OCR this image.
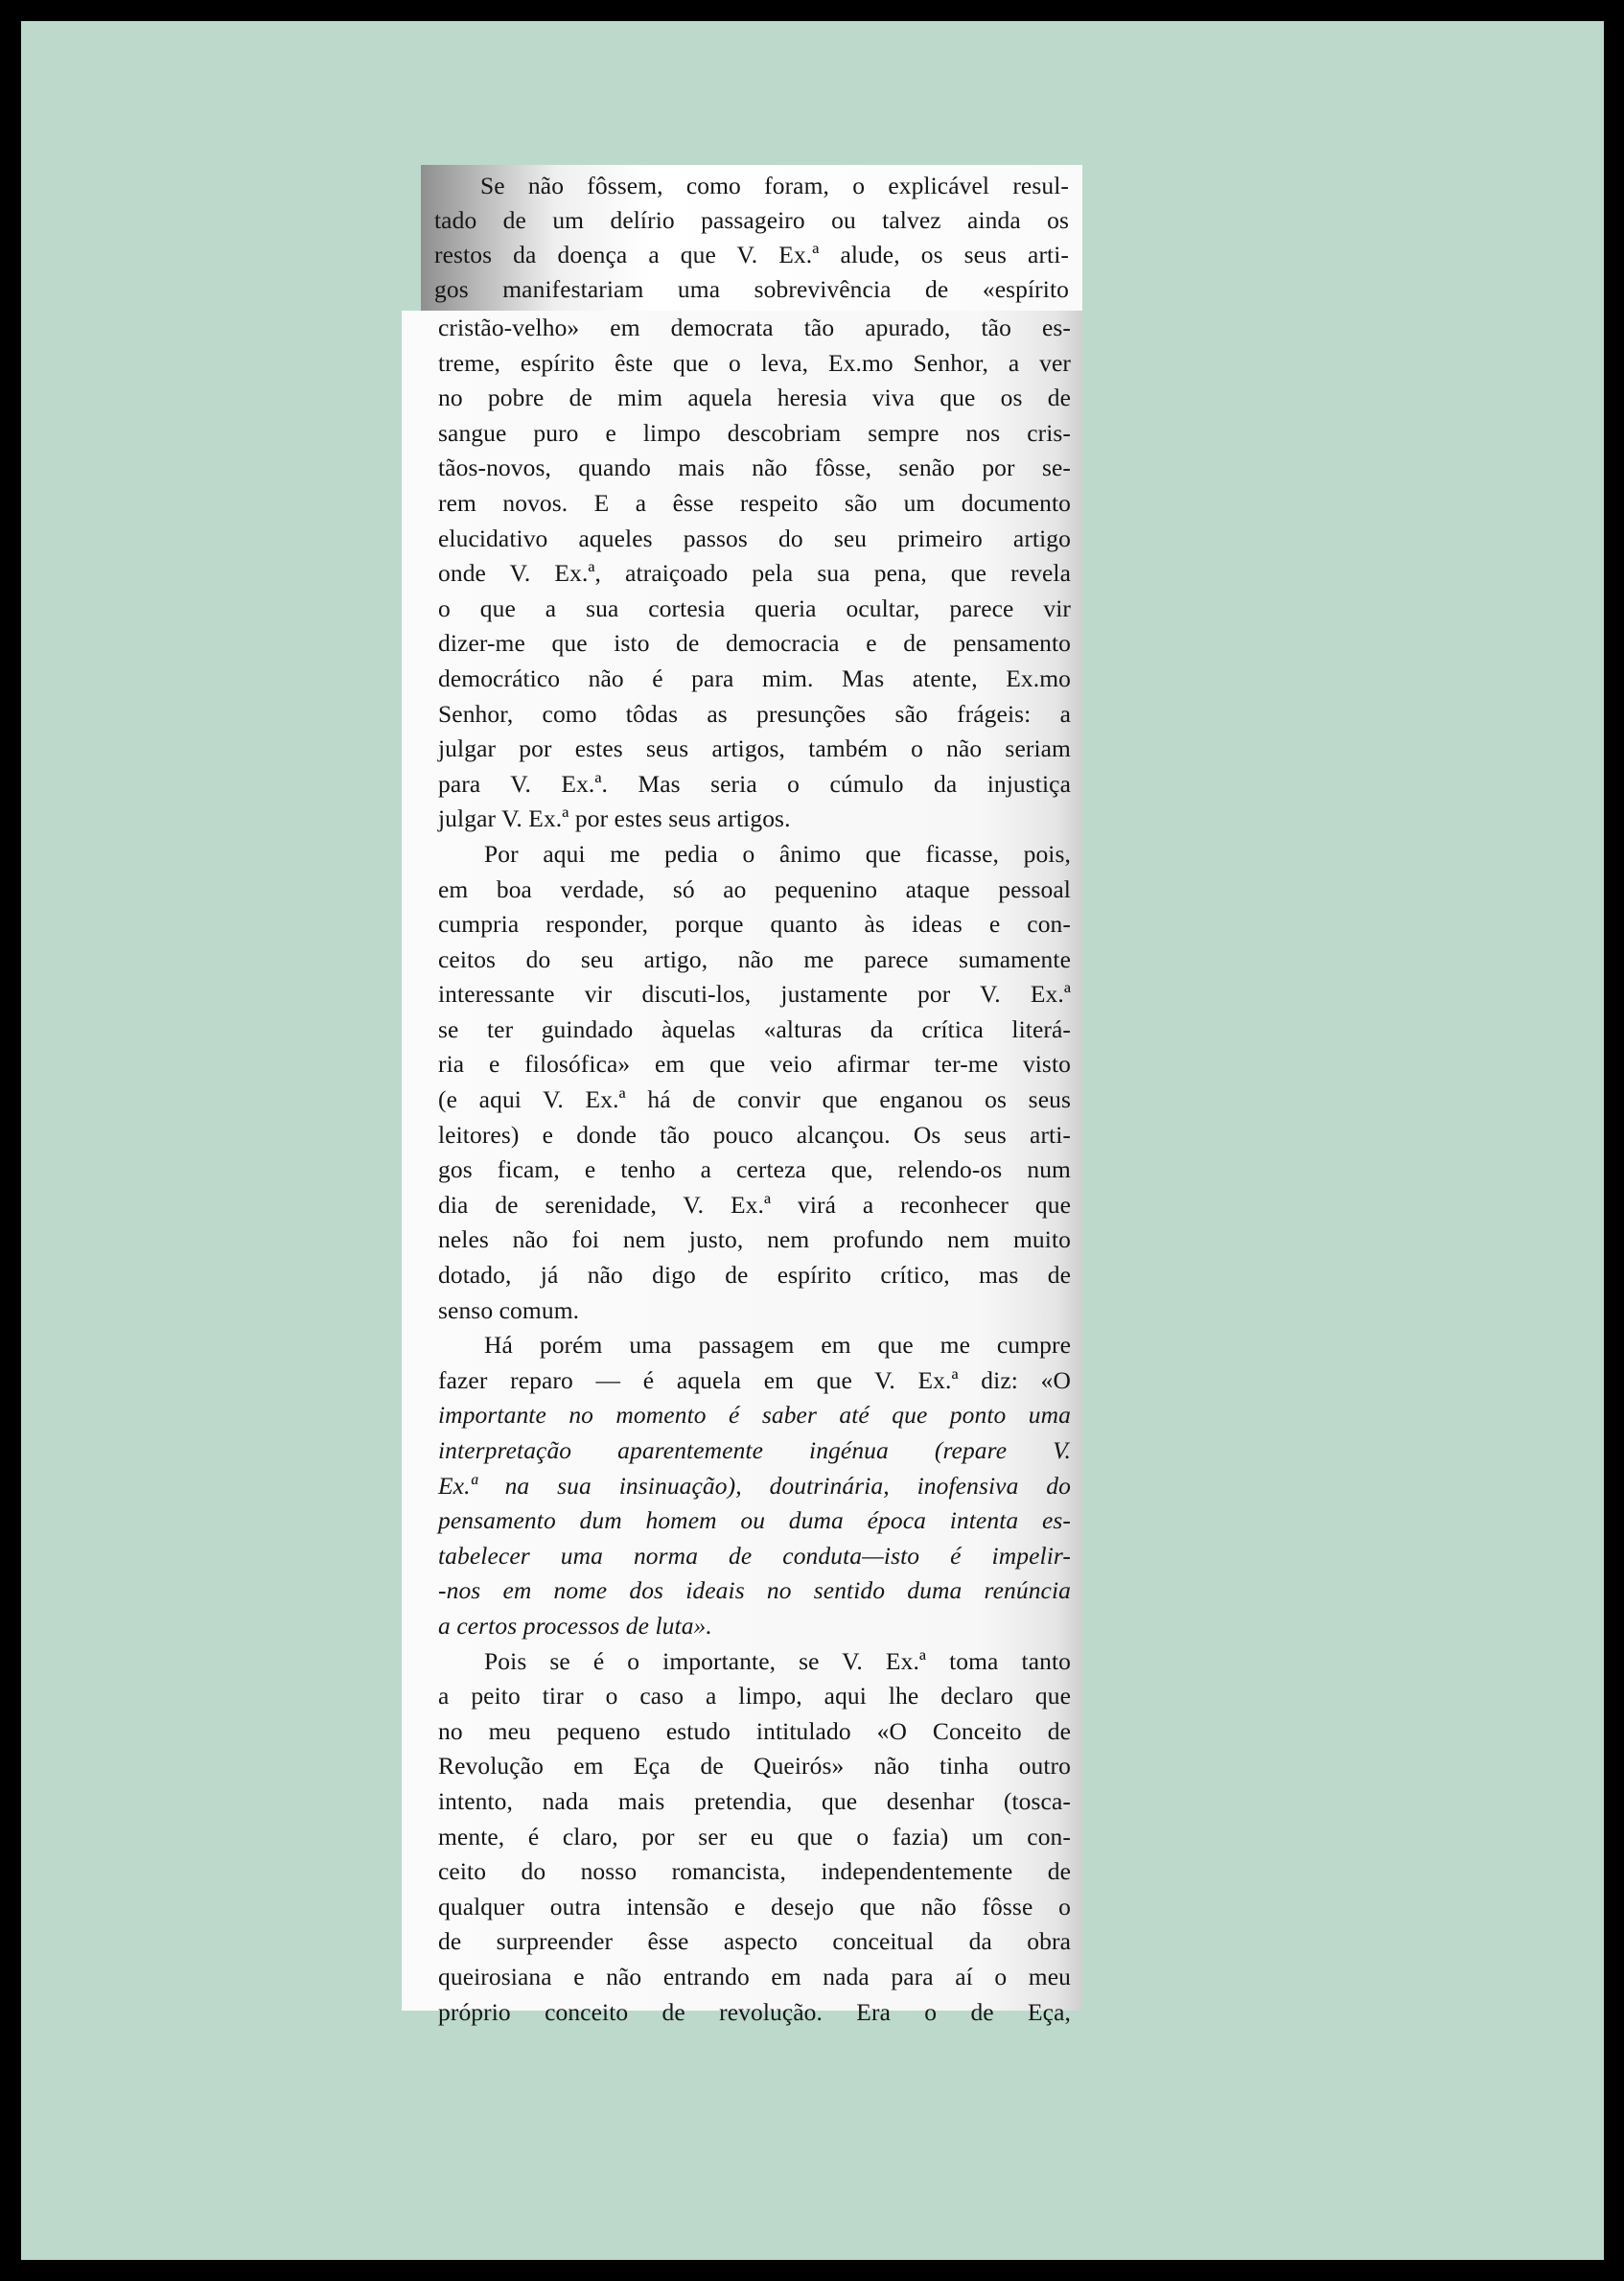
Se não fôssem, como foram, o explicável resul-
tado de um delírio passageiro ou talvez ainda os
restos da doença a que V. Ex.ª alude, os seus arti-
gos manifestariam uma sobrevivência de «espírito
cristão-velho» em democrata tão apurado, tão es-
treme, espírito êste que o leva, Ex.mo Senhor, a ver
no pobre de mim aquela heresia viva que os de
sangue puro e limpo descobriam sempre nos cris-
tãos-novos, quando mais não fôsse, senão por se-
rem novos. E a êsse respeito são um documento
elucidativo aqueles passos do seu primeiro artigo
onde V. Ex.ª, atraiçoado pela sua pena, que revela
o que a sua cortesia queria ocultar, parece vir
dizer-me que isto de democracia e de pensamento
democrático não é para mim. Mas atente, Ex.mo
Senhor, como tôdas as presunções são frágeis: a
julgar por estes seus artigos, também o não seriam
para V. Ex.ª. Mas seria o cúmulo da injustiça
julgar V. Ex.ª por estes seus artigos.
Por aqui me pedia o ânimo que ficasse, pois,
em boa verdade, só ao pequenino ataque pessoal
cumpria responder, porque quanto às ideas e con-
ceitos do seu artigo, não me parece sumamente
interessante vir discuti-los, justamente por V. Ex.ª
se ter guindado àquelas «alturas da crítica literá-
ria e filosófica» em que veio afirmar ter-me visto
(e aqui V. Ex.ª há de convir que enganou os seus
leitores) e donde tão pouco alcançou. Os seus arti-
gos ficam, e tenho a certeza que, relendo-os num
dia de serenidade, V. Ex.ª virá a reconhecer que
neles não foi nem justo, nem profundo nem muito
dotado, já não digo de espírito crítico, mas de
senso comum.
Há porém uma passagem em que me cumpre
fazer reparo — é aquela em que V. Ex.ª diz: «O
importante no momento é saber até que ponto uma
interpretação aparentemente ingénua (repare V.
Ex.ª na sua insinuação), doutrinária, inofensiva do
pensamento dum homem ou duma época intenta es-
tabelecer uma norma de conduta—isto é impelir-
-nos em nome dos ideais no sentido duma renúncia
a certos processos de luta».
Pois se é o importante, se V. Ex.ª toma tanto
a peito tirar o caso a limpo, aqui lhe declaro que
no meu pequeno estudo intitulado «O Conceito de
Revolução em Eça de Queirós» não tinha outro
intento, nada mais pretendia, que desenhar (tosca-
mente, é claro, por ser eu que o fazia) um con-
ceito do nosso romancista, independentemente de
qualquer outra intensão e desejo que não fôsse o
de surpreender êsse aspecto conceitual da obra
queirosiana e não entrando em nada para aí o meu
próprio conceito de revolução. Era o de Eça,
